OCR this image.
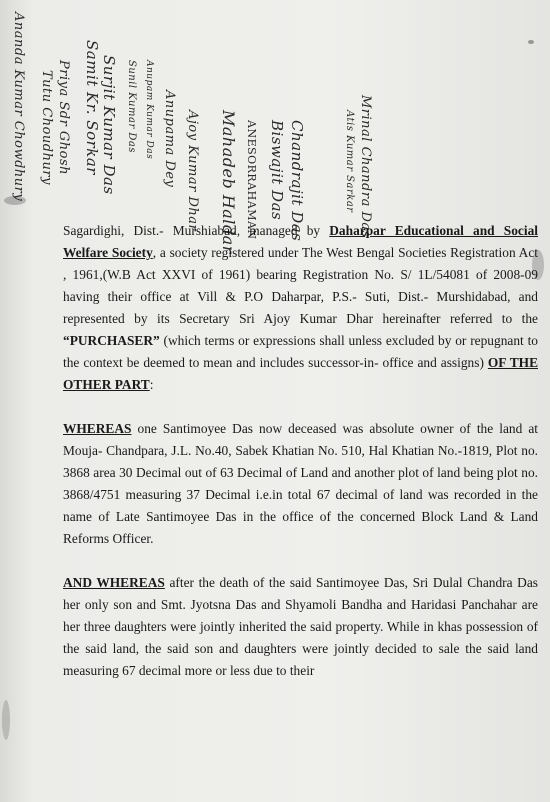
Ananda Kumar Chowdhury Tutu Choudhury Priya Sdr Ghosh Samit Kr. Sorkar Surjit Kumar Das Sunil Kumar Das Anupam Kumar Das Anupama Dey Ajoy Kumar Dhar Mahadeb Haldar ANESORRAHAMAN Biswajit Das Chandrajit Das	Atis Kumar Sarkar Mrinal Chandra Das

Sagardighi, Dist.- Murshiabad, managed by Daharpar Educational and Social Welfare Society, a society registered under The West Bengal Societies Registration Act , 1961,(W.B Act XXVI of 1961) bearing Registration No. S/ 1L/54081 of 2008-09 having their office at Vill & P.O Daharpar, P.S.- Suti, Dist.- Murshidabad, and represented by its Secretary Sri Ajoy Kumar Dhar hereinafter referred to the “PURCHASER” (which terms or expressions shall unless excluded by or repugnant to the context be deemed to mean and includes successor-in- office and assigns) OF THE OTHER PART:

WHEREAS one Santimoyee Das now deceased was absolute owner of the land at Mouja- Chandpara, J.L. No.40, Sabek Khatian No. 510, Hal Khatian No.-1819, Plot no. 3868 area 30 Decimal out of 63 Decimal of Land and another plot of land being plot no. 3868/4751 measuring 37 Decimal i.e.in total 67 decimal of land was recorded in the name of Late Santimoyee Das in the office of the concerned Block Land & Land Reforms Officer.

AND WHEREAS after the death of the said Santimoyee Das, Sri Dulal Chandra Das her only son and Smt. Jyotsna Das and Shyamoli Bandha and Haridasi Panchahar are her three daughters were jointly inherited the said property. While in khas possession of the said land, the said son and daughters were jointly decided to sale the said land measuring 67 decimal more or less due to their
